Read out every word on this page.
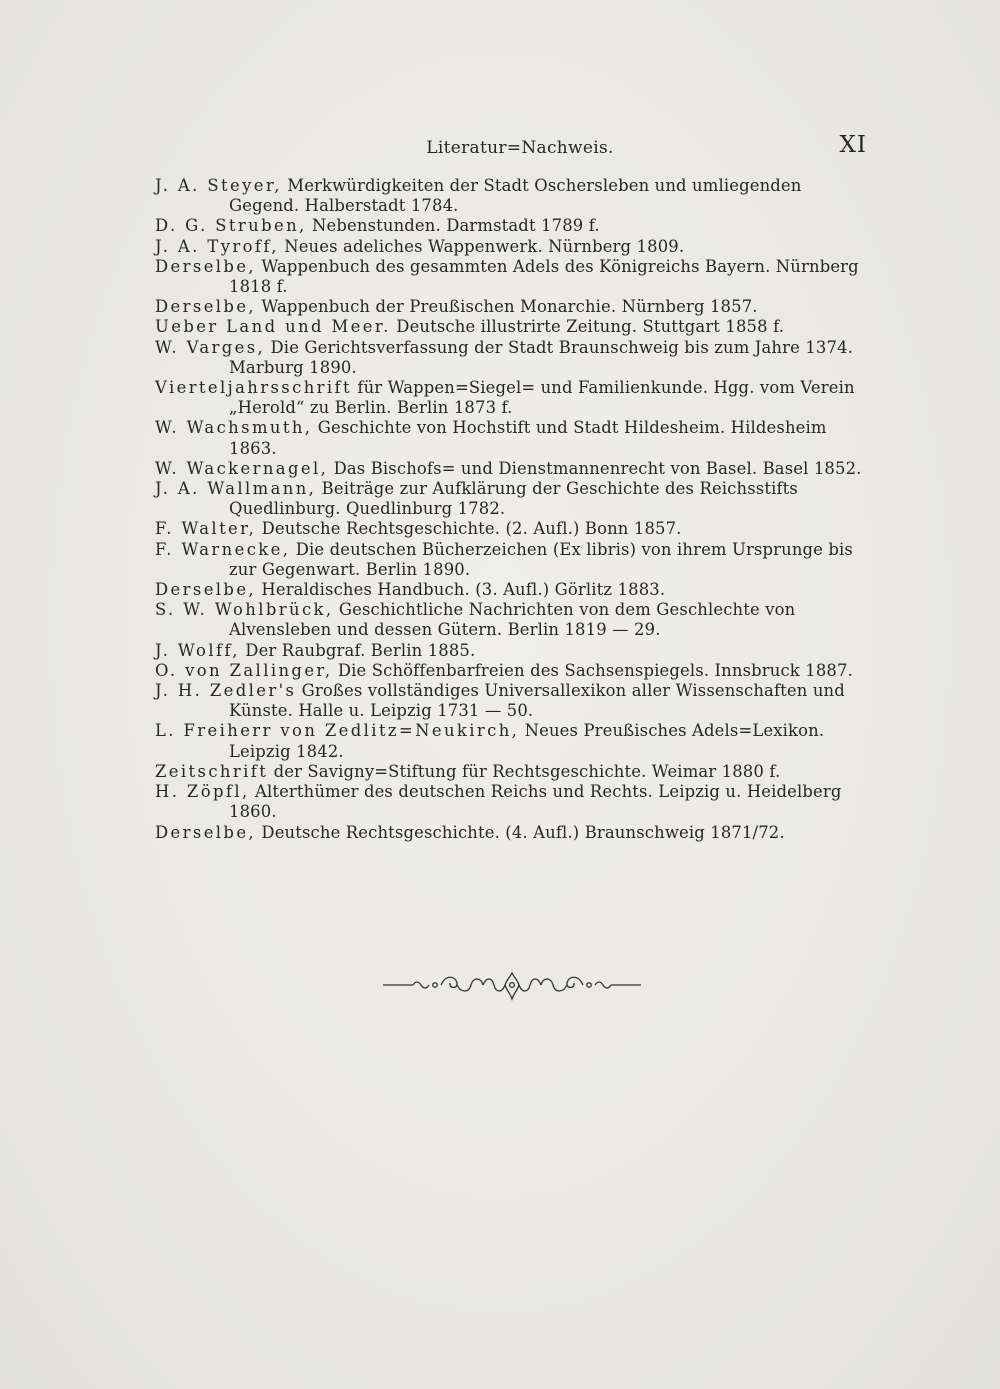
Literatur=Nachweis.	XI
J. A. Steyer, Merkwürdigkeiten der Stadt Oschersleben und umliegenden Gegend. Halberstadt 1784.
D. G. Struben, Nebenstunden. Darmstadt 1789 f.
J. A. Tyroff, Neues adeliches Wappenwerk. Nürnberg 1809.
Derselbe, Wappenbuch des gesammten Adels des Königreichs Bayern. Nürnberg 1818 f.
Derselbe, Wappenbuch der Preußischen Monarchie. Nürnberg 1857.
Ueber Land und Meer. Deutsche illustrirte Zeitung. Stuttgart 1858 f.
W. Varges, Die Gerichtsverfassung der Stadt Braunschweig bis zum Jahre 1374. Marburg 1890.
Vierteljahrsschrift für Wappen=Siegel= und Familienkunde. Hgg. vom Verein „Herold“ zu Berlin. Berlin 1873 f.
W. Wachsmuth, Geschichte von Hochstift und Stadt Hildesheim. Hildesheim 1863.
W. Wackernagel, Das Bischofs= und Dienstmannenrecht von Basel. Basel 1852.
J. A. Wallmann, Beiträge zur Aufklärung der Geschichte des Reichsstifts Quedlinburg. Quedlinburg 1782.
F. Walter, Deutsche Rechtsgeschichte. (2. Aufl.) Bonn 1857.
F. Warnecke, Die deutschen Bücherzeichen (Ex libris) von ihrem Ursprunge bis zur Gegenwart. Berlin 1890.
Derselbe, Heraldisches Handbuch. (3. Aufl.) Görlitz 1883.
S. W. Wohlbrück, Geschichtliche Nachrichten von dem Geschlechte von Alvensleben und dessen Gütern. Berlin 1819 — 29.
J. Wolff, Der Raubgraf. Berlin 1885.
O. von Zallinger, Die Schöffenbarfreien des Sachsenspiegels. Innsbruck 1887.
J. H. Zedler's Großes vollständiges Universallexikon aller Wissenschaften und Künste. Halle u. Leipzig 1731 — 50.
L. Freiherr von Zedlitz=Neukirch, Neues Preußisches Adels=Lexikon. Leipzig 1842.
Zeitschrift der Savigny=Stiftung für Rechtsgeschichte. Weimar 1880 f.
H. Zöpfl, Alterthümer des deutschen Reichs und Rechts. Leipzig u. Heidelberg 1860.
Derselbe, Deutsche Rechtsgeschichte. (4. Aufl.) Braunschweig 1871/72.
